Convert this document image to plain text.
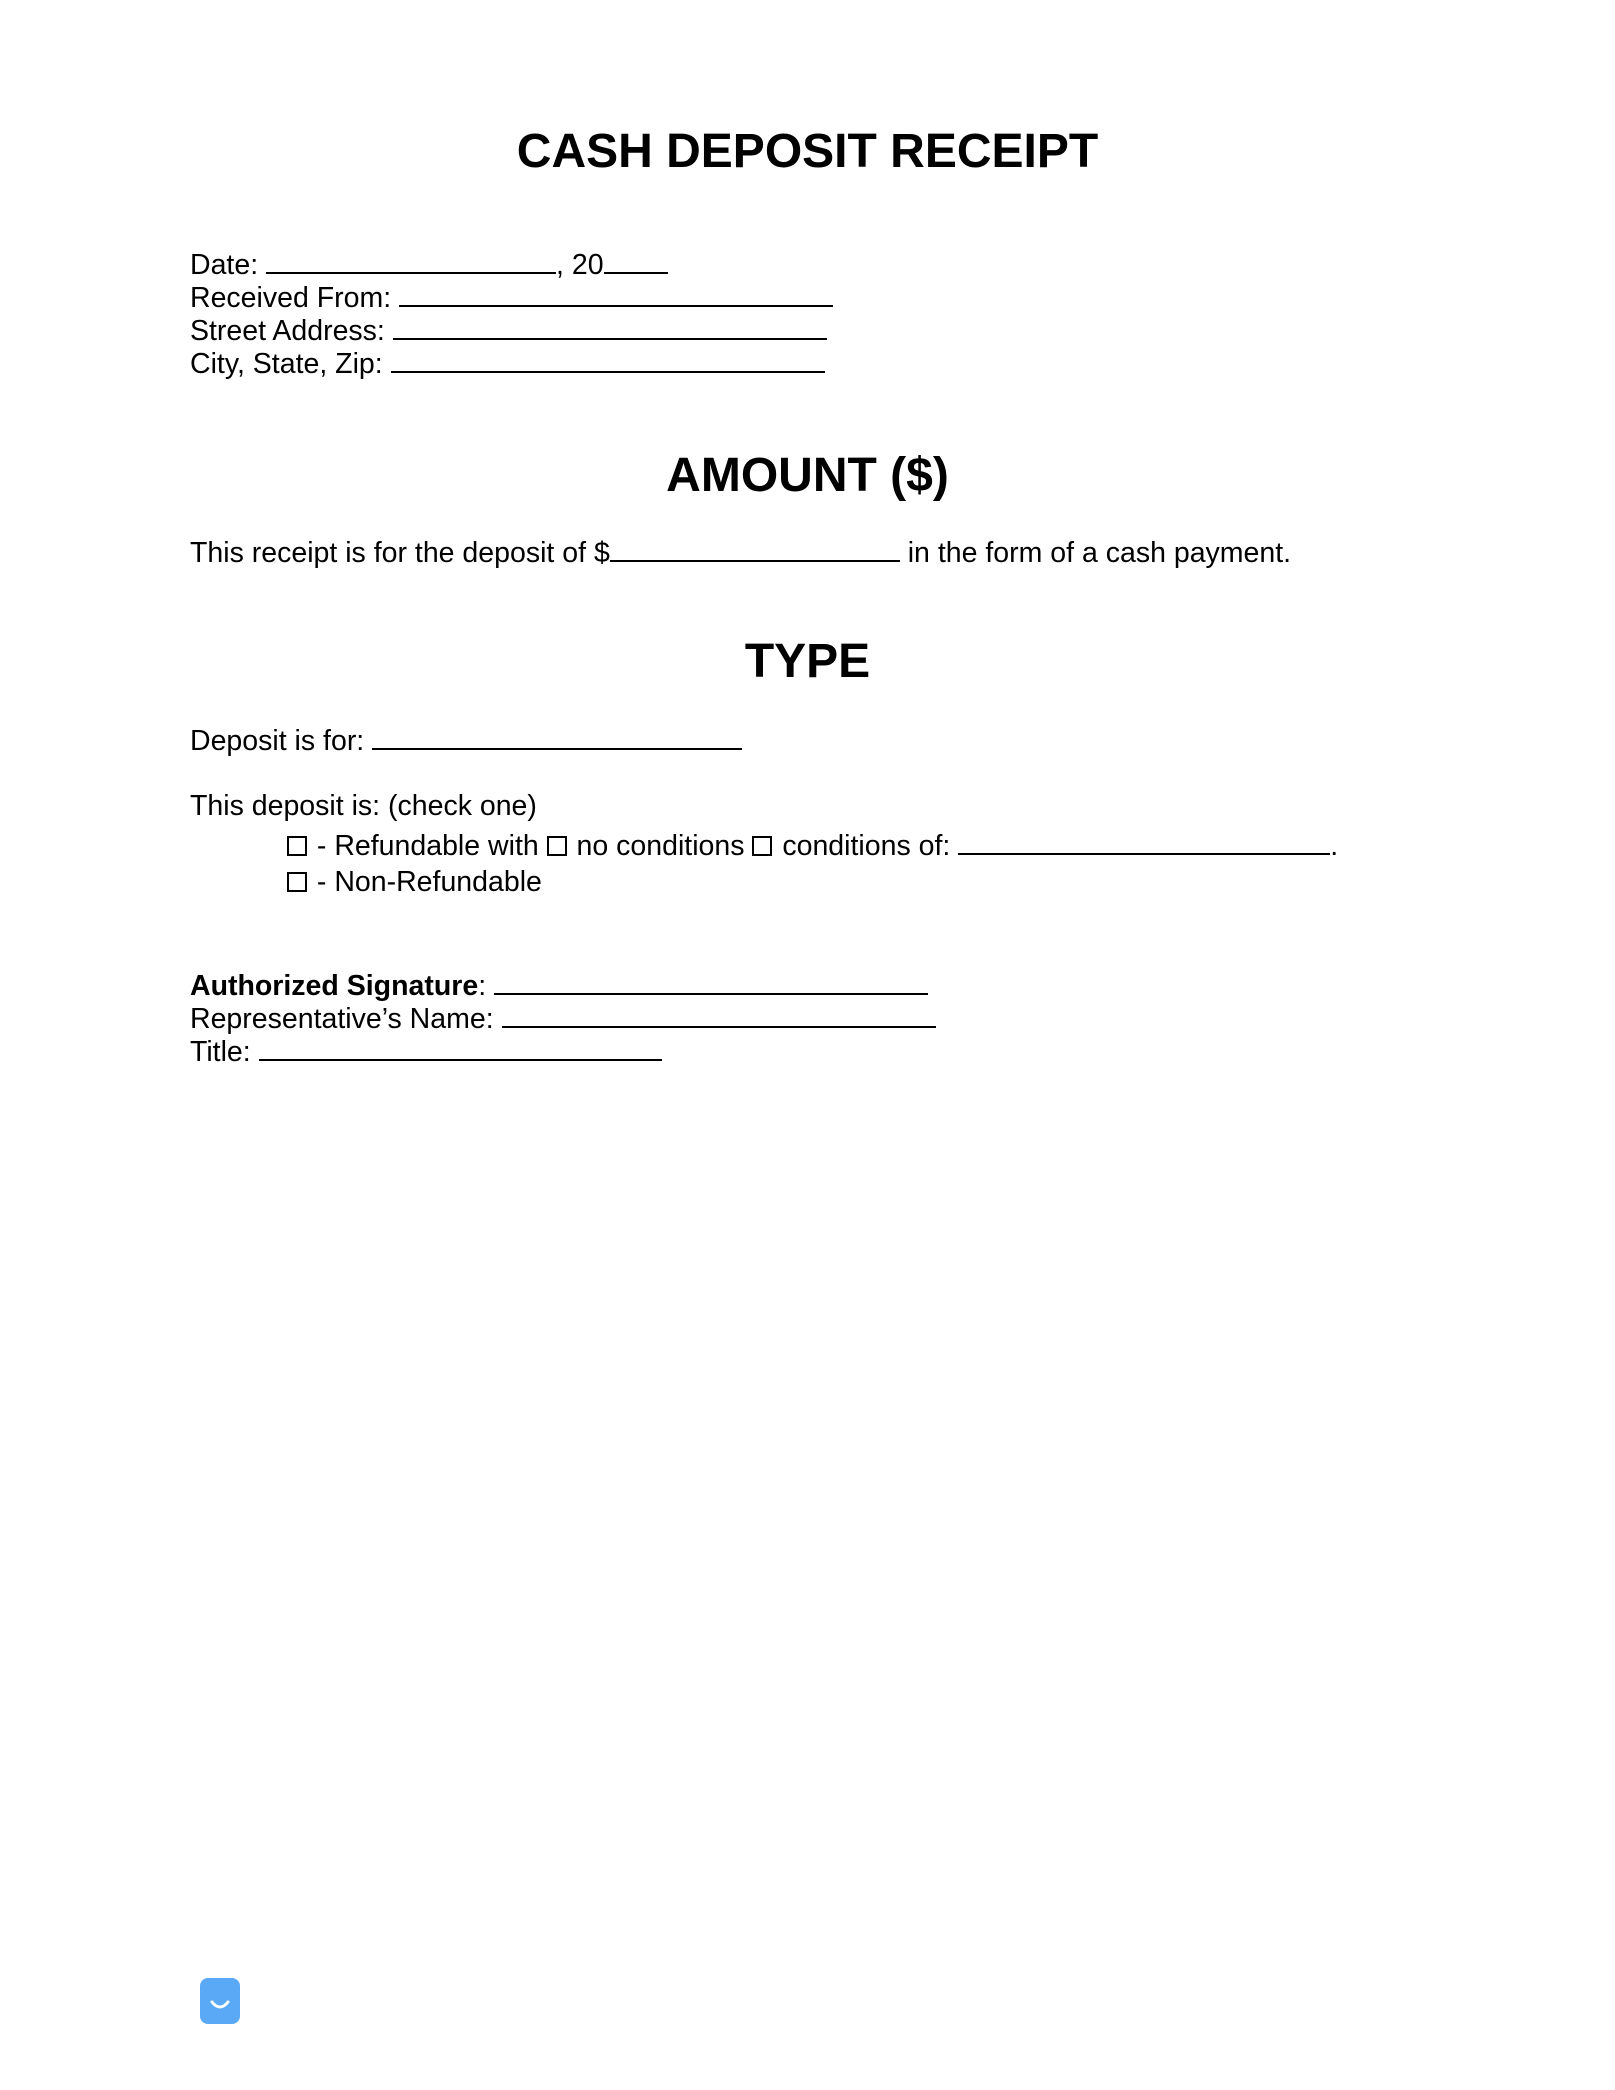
CASH DEPOSIT RECEIPT
Date:	, 20
Received From:
Street Address:
City, State, Zip:
AMOUNT ($)
This receipt is for the deposit of $	in the form of a cash payment.
TYPE
Deposit is for:
This deposit is: (check one)
- Refundable with  no conditions  conditions of:	.
- Non-Refundable
Authorized Signature:
Representative’s Name:
Title:
